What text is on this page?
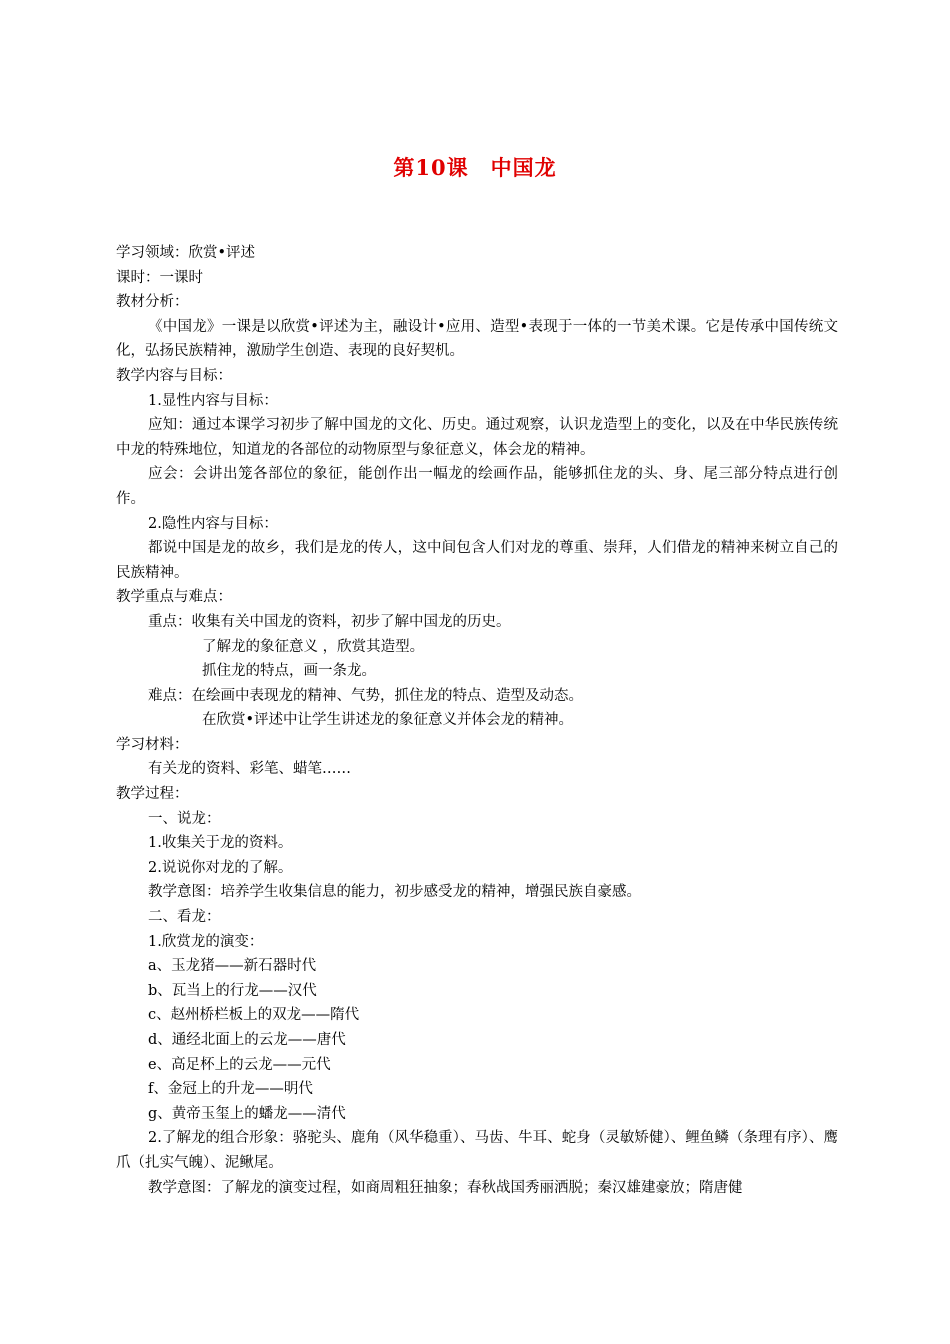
第10课　中国龙
学习领域：欣赏•评述
课时：一课时
教材分析：
《中国龙》一课是以欣赏•评述为主，融设计•应用、造型•表现于一体的一节美术课。它是传承中国传统文化，弘扬民族精神，激励学生创造、表现的良好契机。
教学内容与目标：
1.显性内容与目标：
应知：通过本课学习初步了解中国龙的文化、历史。通过观察，认识龙造型上的变化，以及在中华民族传统中龙的特殊地位，知道龙的各部位的动物原型与象征意义，体会龙的精神。
应会：会讲出笼各部位的象征，能创作出一幅龙的绘画作品，能够抓住龙的头、身、尾三部分特点进行创作。
2.隐性内容与目标：
都说中国是龙的故乡，我们是龙的传人，这中间包含人们对龙的尊重、崇拜，人们借龙的精神来树立自己的民族精神。
教学重点与难点：
重点：收集有关中国龙的资料，初步了解中国龙的历史。
了解龙的象征意义 ，欣赏其造型。
抓住龙的特点，画一条龙。
难点：在绘画中表现龙的精神、气势，抓住龙的特点、造型及动态。
在欣赏•评述中让学生讲述龙的象征意义并体会龙的精神。
学习材料：
有关龙的资料、彩笔、蜡笔……
教学过程：
一、说龙：
1.收集关于龙的资料。
2.说说你对龙的了解。
教学意图：培养学生收集信息的能力，初步感受龙的精神，增强民族自豪感。
二、看龙：
1.欣赏龙的演变：
a、玉龙猪——新石器时代
b、瓦当上的行龙——汉代
c、赵州桥栏板上的双龙——隋代
d、通经北面上的云龙——唐代
e、高足杯上的云龙——元代
f、金冠上的升龙——明代
g、黄帝玉玺上的蟠龙——清代
2.了解龙的组合形象：骆驼头、鹿角（风华稳重）、马齿、牛耳、蛇身（灵敏矫健）、鲤鱼鳞（条理有序）、鹰爪（扎实气魄）、泥鳅尾。
教学意图：了解龙的演变过程，如商周粗狂抽象；春秋战国秀丽洒脱；秦汉雄建豪放；隋唐健
